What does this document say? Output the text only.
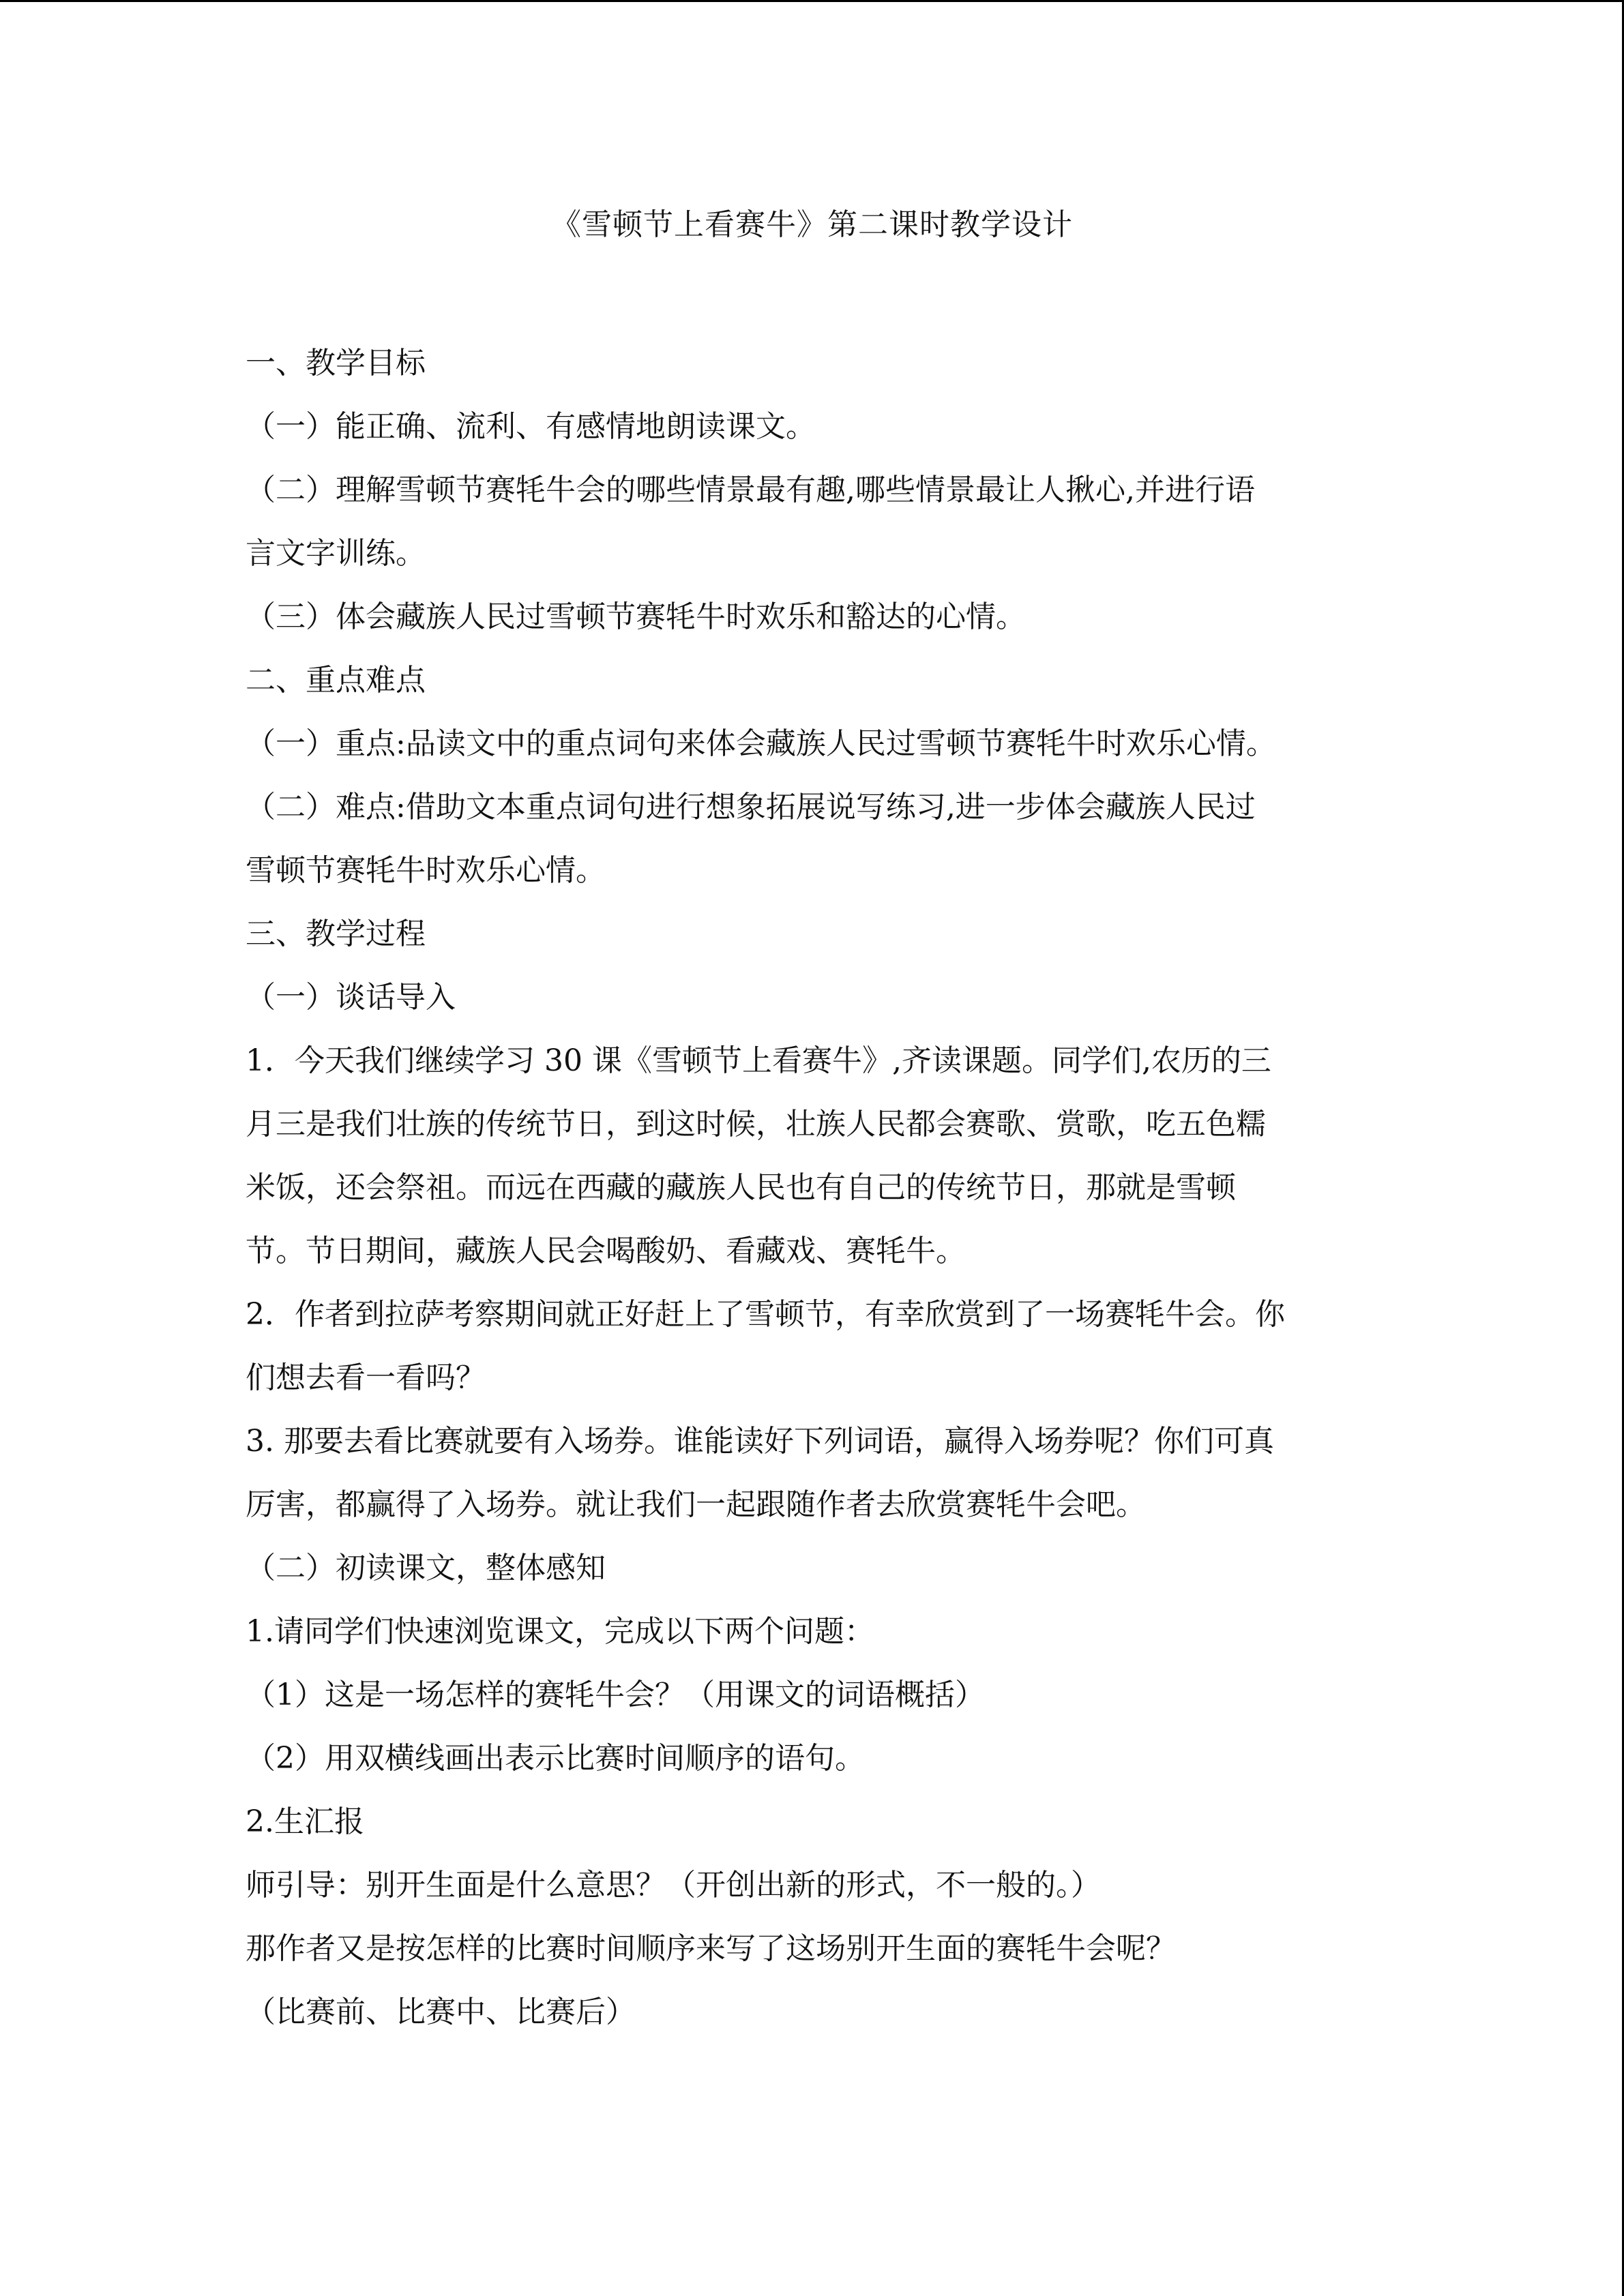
《雪顿节上看赛牛》第二课时教学设计
一、教学目标
（一）能正确、流利、有感情地朗读课文。
（二）理解雪顿节赛牦牛会的哪些情景最有趣,哪些情景最让人揪心,并进行语
言文字训练。
（三）体会藏族人民过雪顿节赛牦牛时欢乐和豁达的心情。
二、重点难点
（一）重点:品读文中的重点词句来体会藏族人民过雪顿节赛牦牛时欢乐心情。
（二）难点:借助文本重点词句进行想象拓展说写练习,进一步体会藏族人民过
雪顿节赛牦牛时欢乐心情。
三、教学过程
（一）谈话导入
1．今天我们继续学习 30 课《雪顿节上看赛牛》,齐读课题。同学们,农历的三
月三是我们壮族的传统节日，到这时候，壮族人民都会赛歌、赏歌，吃五色糯
米饭，还会祭祖。而远在西藏的藏族人民也有自己的传统节日，那就是雪顿
节。节日期间，藏族人民会喝酸奶、看藏戏、赛牦牛。
2．作者到拉萨考察期间就正好赶上了雪顿节，有幸欣赏到了一场赛牦牛会。你
们想去看一看吗？
3. 那要去看比赛就要有入场券。谁能读好下列词语，赢得入场券呢？你们可真
厉害，都赢得了入场券。就让我们一起跟随作者去欣赏赛牦牛会吧。
（二）初读课文，整体感知
1.请同学们快速浏览课文，完成以下两个问题：
（1）这是一场怎样的赛牦牛会？（用课文的词语概括）
（2）用双横线画出表示比赛时间顺序的语句。
2.生汇报
师引导：别开生面是什么意思？（开创出新的形式，不一般的。）
那作者又是按怎样的比赛时间顺序来写了这场别开生面的赛牦牛会呢？
（比赛前、比赛中、比赛后）
